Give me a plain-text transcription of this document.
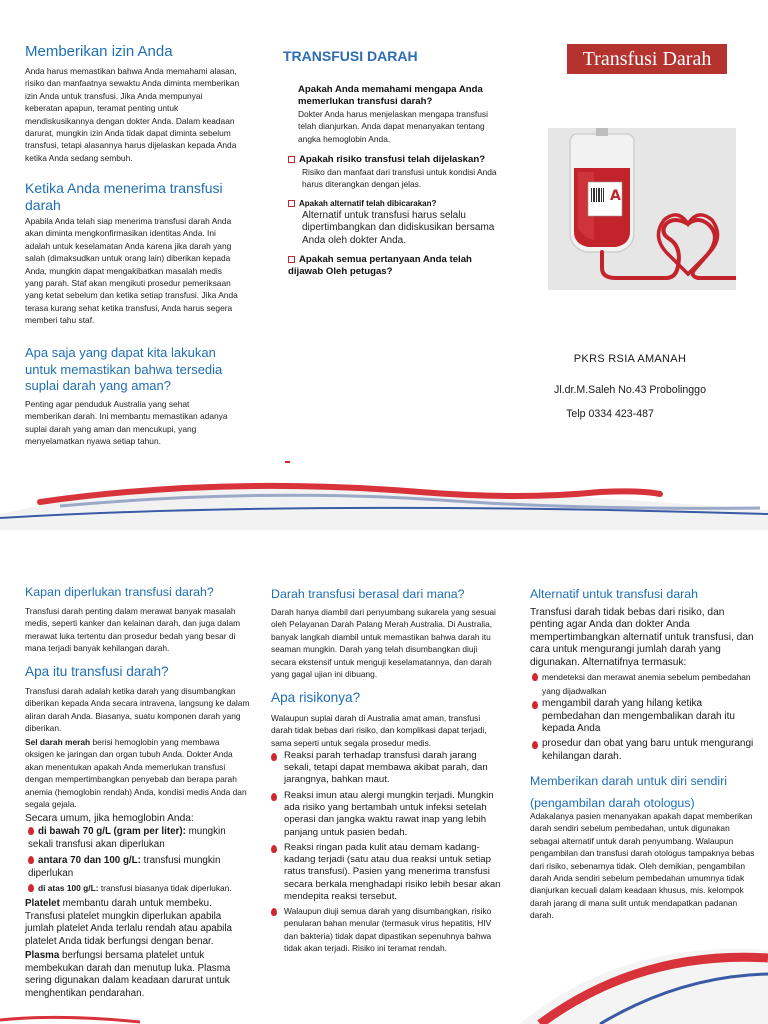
Memberikan izin Anda

Anda harus memastikan bahwa Anda memahami alasan, risiko dan manfaatnya sewaktu Anda diminta memberikan izin Anda untuk transfusi. Jika Anda mempunyai keberatan apapun, teramat penting untuk mendiskusikannya dengan dokter Anda. Dalam keadaan darurat, mungkin izin Anda tidak dapat diminta sebelum transfusi, tetapi alasannya harus dijelaskan kepada Anda ketika Anda sedang sembuh.

Ketika Anda menerima transfusi darah

Apabila Anda telah siap menerima transfusi darah Anda akan diminta mengkonfirmasikan identitas Anda. Ini adalah untuk keselamatan Anda karena jika darah yang salah (dimaksudkan untuk orang lain) diberikan kepada Anda, mungkin dapat mengakibatkan masalah medis yang parah. Staf akan mengikuti prosedur pemeriksaan yang ketat sebelum dan ketika setiap transfusi. Jika Anda terasa kurang sehat ketika transfusi, Anda harus segera memberi tahu staf.

Apa saja yang dapat kita lakukan untuk memastikan bahwa tersedia suplai darah yang aman?

Penting agar penduduk Australia yang sehat memberikan darah. Ini membantu memastikan adanya suplai darah yang aman dan mencukupi, yang menyelamatkan nyawa setiap tahun.

TRANSFUSI DARAH
Apakah Anda memahami mengapa Anda memerlukan transfusi darah?

Dokter Anda harus menjelaskan mengapa transfusi telah dianjurkan. Anda dapat menanyakan tentang angka hemoglobin Anda.

Apakah risiko transfusi telah dijelaskan?

Risiko dan manfaat dari transfusi untuk kondisi Anda harus diterangkan dengan jelas.

Apakah alternatif telah dibicarakan?

Alternatif untuk transfusi harus selalu dipertimbangkan dan didiskusikan bersama Anda oleh dokter Anda.

Apakah semua pertanyaan Anda telah dijawab Oleh petugas?
Transfusi Darah
A
PKRS RSIA AMANAH
Jl.dr.M.Saleh No.43 Probolinggo
Telp 0334 423-487
Kapan diperlukan transfusi darah?

Transfusi darah penting dalam merawat banyak masalah medis, seperti kanker dan kelainan darah, dan juga dalam merawat luka tertentu dan prosedur bedah yang besar di mana terjadi banyak kehilangan darah.

Apa itu transfusi darah?

Transfusi darah adalah ketika darah yang disumbangkan diberikan kepada Anda secara intravena, langsung ke dalam aliran darah Anda. Biasanya, suatu komponen darah yang diberikan.

Sel darah merah berisi hemoglobin yang membawa oksigen ke jaringan dan organ tubuh Anda. Dokter Anda akan menentukan apakah Anda memerlukan transfusi dengan mempertimbangkan penyebab dan berapa parah anemia (hemoglobin rendah) Anda, kondisi medis Anda dan segala gejala.

Secara umum, jika hemoglobin Anda:

di bawah 70 g/L (gram per liter): mungkin sekali transfusi akan diperlukan
antara 70 dan 100 g/L: transfusi mungkin diperlukan
di atas 100 g/L: transfusi biasanya tidak diperlukan.

Platelet membantu darah untuk membeku. Transfusi platelet mungkin diperlukan apabila jumlah platelet Anda terlalu rendah atau apabila platelet Anda tidak berfungsi dengan benar.

Plasma berfungsi bersama platelet untuk membekukan darah dan menutup luka. Plasma sering digunakan dalam keadaan darurat untuk menghentikan pendarahan.

Darah transfusi berasal dari mana?

Darah hanya diambil dari penyumbang sukarela yang sesuai oleh Pelayanan Darah Palang Merah Australia. Di Australia, banyak langkah diambil untuk memastikan bahwa darah itu seaman mungkin. Darah yang telah disumbangkan diuji secara ekstensif untuk menguji keselamatannya, dan darah yang gagal ujian ini dibuang.

Apa risikonya?

Walaupun suplai darah di Australia amat aman, transfusi darah tidak bebas dari risiko, dan komplikasi dapat terjadi, sama seperti untuk segala prosedur medis.

Reaksi parah terhadap transfusi darah jarang sekali, tetapi dapat membawa akibat parah, dan jarangnya, bahkan maut.
Reaksi imun atau alergi mungkin terjadi. Mungkin ada risiko yang bertambah untuk infeksi setelah operasi dan jangka waktu rawat inap yang lebih panjang untuk pasien bedah.
Reaksi ringan pada kulit atau demam kadang-kadang terjadi (satu atau dua reaksi untuk setiap ratus transfusi). Pasien yang menerima transfusi secara berkala menghadapi risiko lebih besar akan mendерita reaksi tersebut.
Walaupun diuji semua darah yang disumbangkan, risiko penularan bahan menular (termasuk virus hepatitis, HIV dan bakteria) tidak dapat dipastikan sepenuhnya bahwa tidak akan terjadi. Risiko ini teramat rendah.
Alternatif untuk transfusi darah

Transfusi darah tidak bebas dari risiko, dan penting agar Anda dan dokter Anda mempertimbangkan alternatif untuk transfusi, dan cara untuk mengurangi jumlah darah yang digunakan. Alternatifnya termasuk:

mendeteksi dan merawat anemia sebelum pembedahan yang dijadwalkan
mengambil darah yang hilang ketika pembedahan dan mengembalikan darah itu kepada Anda
prosedur dan obat yang baru untuk mengurangi kehilangan darah.
Memberikan darah untuk diri sendiri
(pengambilan darah otologus)

Adakalanya pasien menanyakan apakah dapat memberikan darah sendiri sebelum pembedahan, untuk digunakan sebagai alternatif untuk darah penyumbang. Walaupun pengambilan dan transfusi darah otologus tampaknya bebas dari risiko, sebenarnya tidak. Oleh demikian, pengambilan darah Anda sendiri sebelum pembedahan umumnya tidak dianjurkan kecuali dalam keadaan khusus, mis. kelompok darah jarang di mana sulit untuk mendapatkan padanan darah.
